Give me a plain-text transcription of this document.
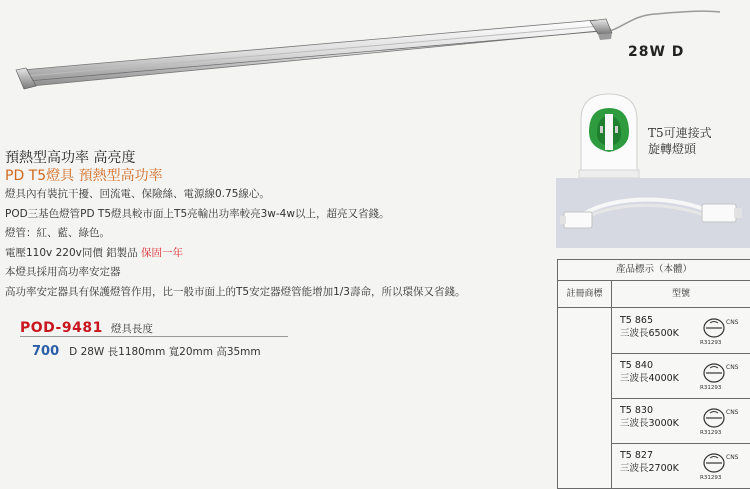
28W D
T5可連接式
旋轉燈頭
預熱型高功率 高亮度
PD T5燈具 預熱型高功率
燈具內有裝抗干擾、回流電、保險絲、電源線0.75線心。
POD三基色燈管PD T5燈具較市面上T5亮輸出功率較亮3w-4w以上，超亮又省錢。
燈管：紅、藍、綠色。
電壓110v 220v同價 鋁製品 保固一年
本燈具採用高功率安定器
高功率安定器具有保護燈管作用，比一般市面上的T5安定器燈管能增加1/3壽命，所以環保又省錢。
POD-9481 燈具長度
700 D 28W 長1180mm 寬20mm 高35mm
產品標示（本體）
註冊商標	型號
T5 865
三波長6500K
CNS
R31293
T5 840
三波長4000K
CNS
R31293
T5 830
三波長3000K
CNS
R31293
T5 827
三波長2700K
CNS
R31293
